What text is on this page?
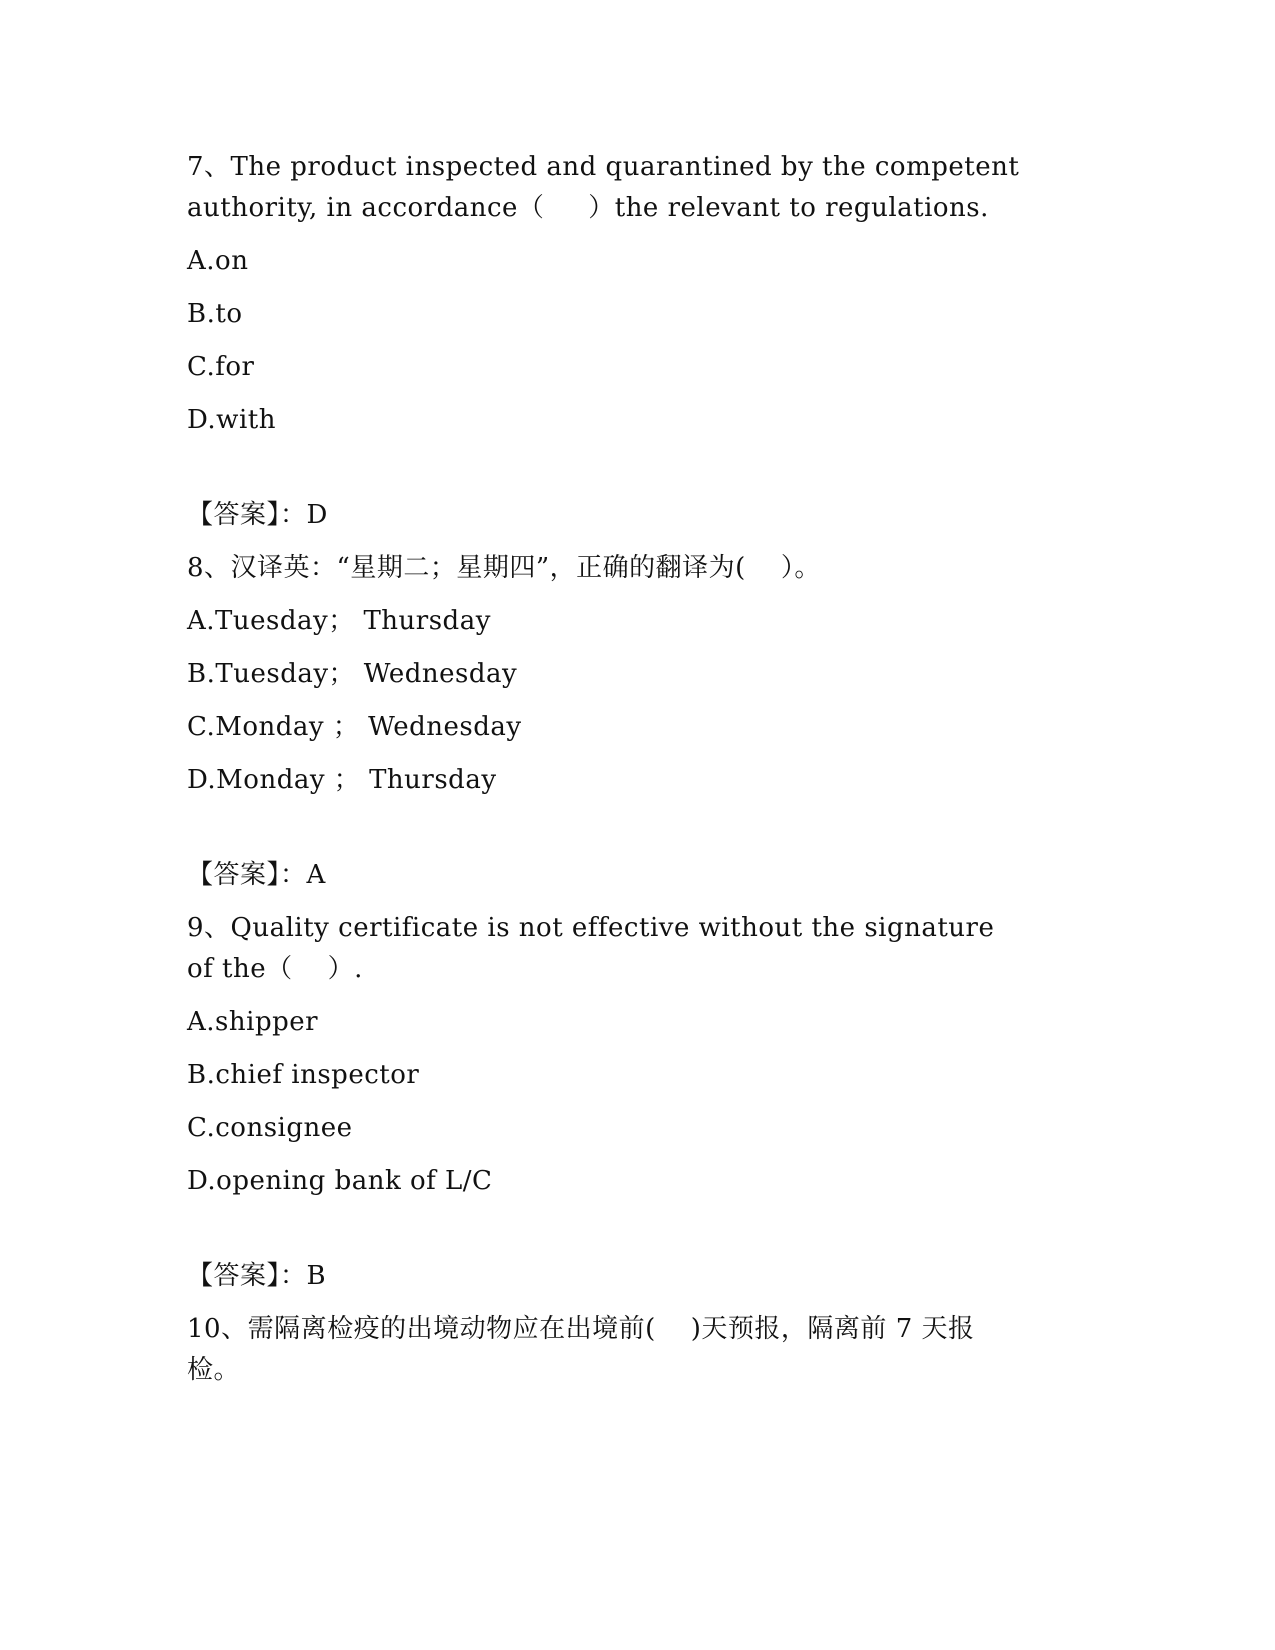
7、The product inspected and quarantined by the competent
authority, in accordance（     ）the relevant to regulations.
A.on
B.to
C.for
D.with
【答案】：D
8、汉译英：“星期二；星期四”，正确的翻译为(    ）。
A.Tuesday； Thursday
B.Tuesday； Wednesday
C.Monday ； Wednesday
D.Monday ； Thursday
【答案】：A
9、Quality certificate is not effective without the signature
of the（    ）.
A.shipper
B.chief inspector
C.consignee
D.opening bank of L/C
【答案】：B
10、需隔离检疫的出境动物应在出境前(    )天预报，隔离前 7 天报
检。
